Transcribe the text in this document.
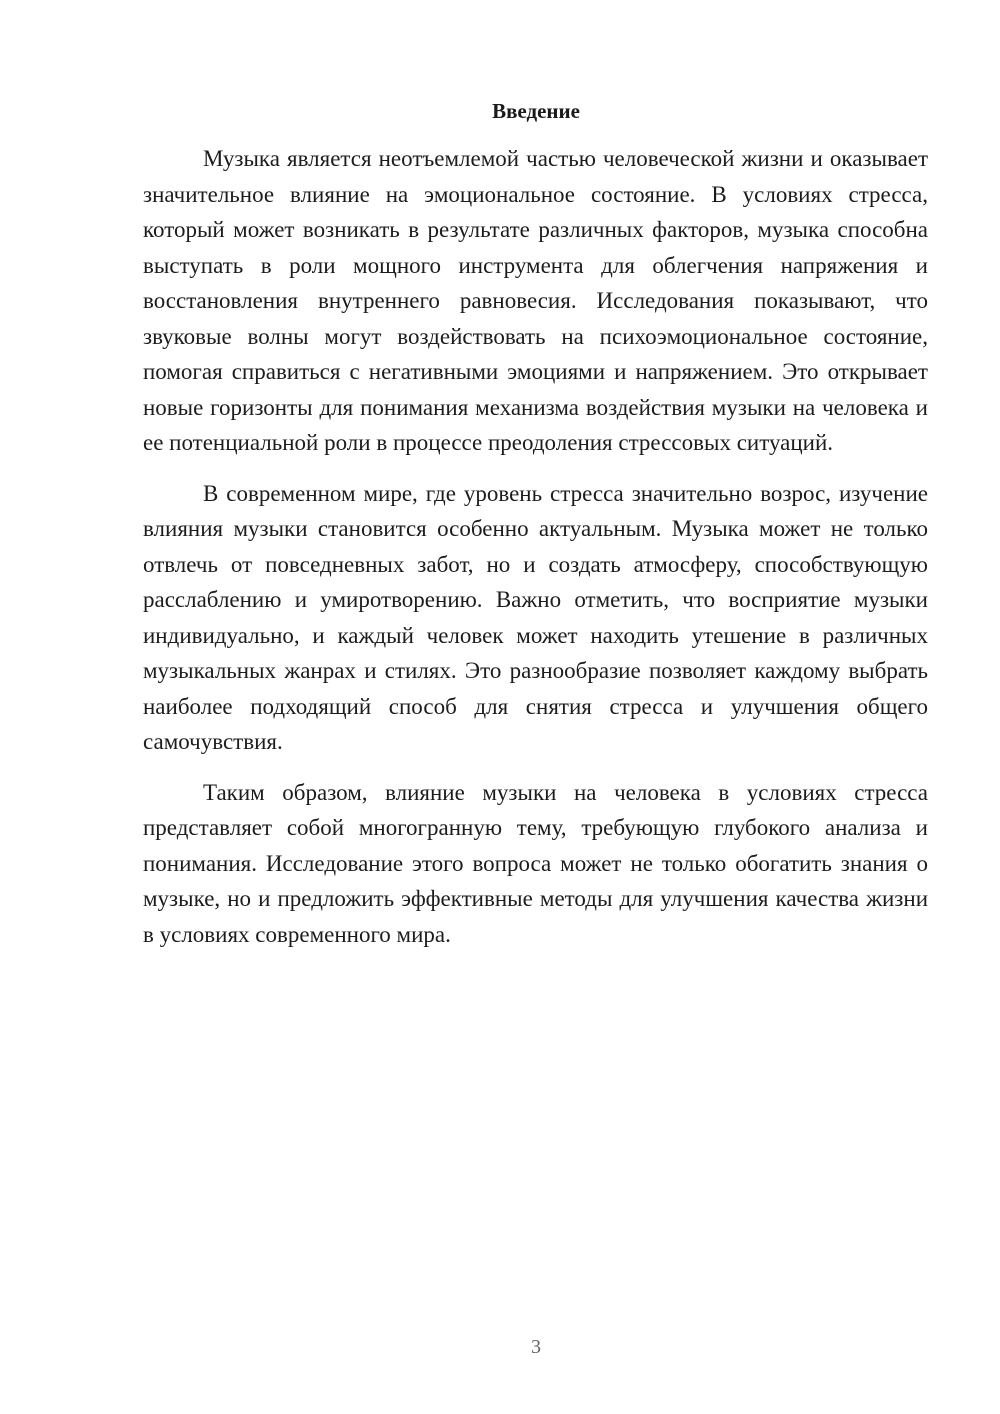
Введение

Музыка является неотъемлемой частью человеческой жизни и оказывает значительное влияние на эмоциональное состояние. В условиях стресса, который может возникать в результате различных факторов, музыка способна выступать в роли мощного инструмента для облегчения напряжения и восстановления внутреннего равновесия. Исследования показывают, что звуковые волны могут воздействовать на психоэмоциональное состояние, помогая справиться с негативными эмоциями и напряжением. Это открывает новые горизонты для понимания механизма воздействия музыки на человека и ее потенциальной роли в процессе преодоления стрессовых ситуаций.

В современном мире, где уровень стресса значительно возрос, изучение влияния музыки становится особенно актуальным. Музыка может не только отвлечь от повседневных забот, но и создать атмосферу, способствующую расслаблению и умиротворению. Важно отметить, что восприятие музыки индивидуально, и каждый человек может находить утешение в различных музыкальных жанрах и стилях. Это разнообразие позволяет каждому выбрать наиболее подходящий способ для снятия стресса и улучшения общего самочувствия.

Таким образом, влияние музыки на человека в условиях стресса представляет собой многогранную тему, требующую глубокого анализа и понимания. Исследование этого вопроса может не только обогатить знания о музыке, но и предложить эффективные методы для улучшения качества жизни в условиях современного мира.

3
